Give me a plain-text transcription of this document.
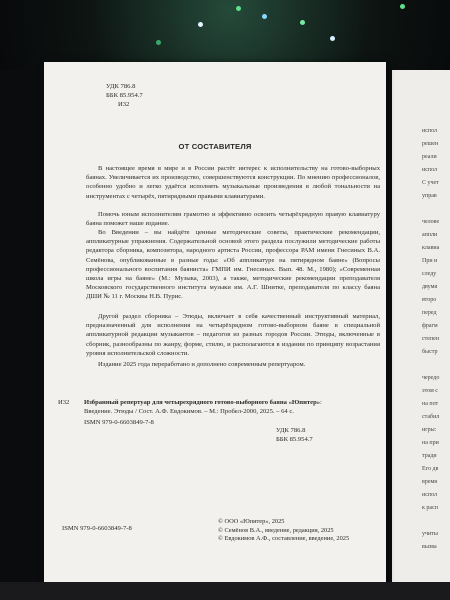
испол
решен
реали
испол
С учет
управ
челове
аппли
клавиа
При и
следу
двумя
второ
перед
фрагм
степен
быстр
чередо
этом с
на пот
стабил
игры:
на при
тради
Его дв
время
испол
к расп
учиты
вызва
УДК 786.8
ББК 85.954.7
И32
ОТ СОСТАВИТЕЛЯ
В настоящее время в мире и в России растёт интерес к исполнительству на готово-выборных баянах. Увеличивается их производство, совершенствуются конструкции. По мнению профессионалов, особенно удобно и легко удаётся исполнять музыкальные произведения в любой тональности на инструментах с четырёх, пятирядными правыми клавиатурами.
Помочь юным исполнителям грамотно и эффективно освоить четырёхрядную правую клавиатуру баяна поможет наше издание.
Во Введении – вы найдёте ценные методические советы, практические рекомендации, аппликатурные упражнения. Содержательной основой этого раздела послужили методические работы редактора сборника, композитора, народного артиста России, профессора РАМ имени Гнесиных В.А. Семёнова, опубликованные в разные годы: «Об аппликатуре на пятирядном баяне» (Вопросы профессионального воспитания баяниста» ГМПИ им. Гнесиных. Вып. 48. М., 1980); «Современная школа игры на баяне» (М.: Музыка, 2003), а также, методические рекомендации преподавателя Московского государственного института музыки им. А.Г. Шнитке, преподавателя по классу баяна ДШИ № 11 г. Москвы Н.В. Пурис.
Другой раздел сборника – Этюды, включает в себя качественный инструктивный материал, предназначенный для исполнения на четырёхрядном готово-выборном баяне в специальной аппликатурной редакции музыкантов – педагогов из разных городов России. Этюды, включенные в сборник, разнообразны по жанру, форме, стилю, и располагаются в издании по принципу возрастания уровня исполнительской сложности.
Издание 2025 года переработано и дополнено современным репертуаром.
И32 Избранный репертуар для четырехрядного готово-выборного баяна «Юпитер»:
Введение. Этюды / Сост. А.Ф. Евдокимов. – М.: Пробел-2000, 2025. – 64 с.
ISMN 979-0-6603849-7-8
УДК 786.8
ББК 85.954.7
ISMN 979-0-6603849-7-8
© ООО «Юпитер», 2025
© Семёнов В.А., введение, редакция, 2025
© Евдокимов А.Ф., составление, введение, 2025
